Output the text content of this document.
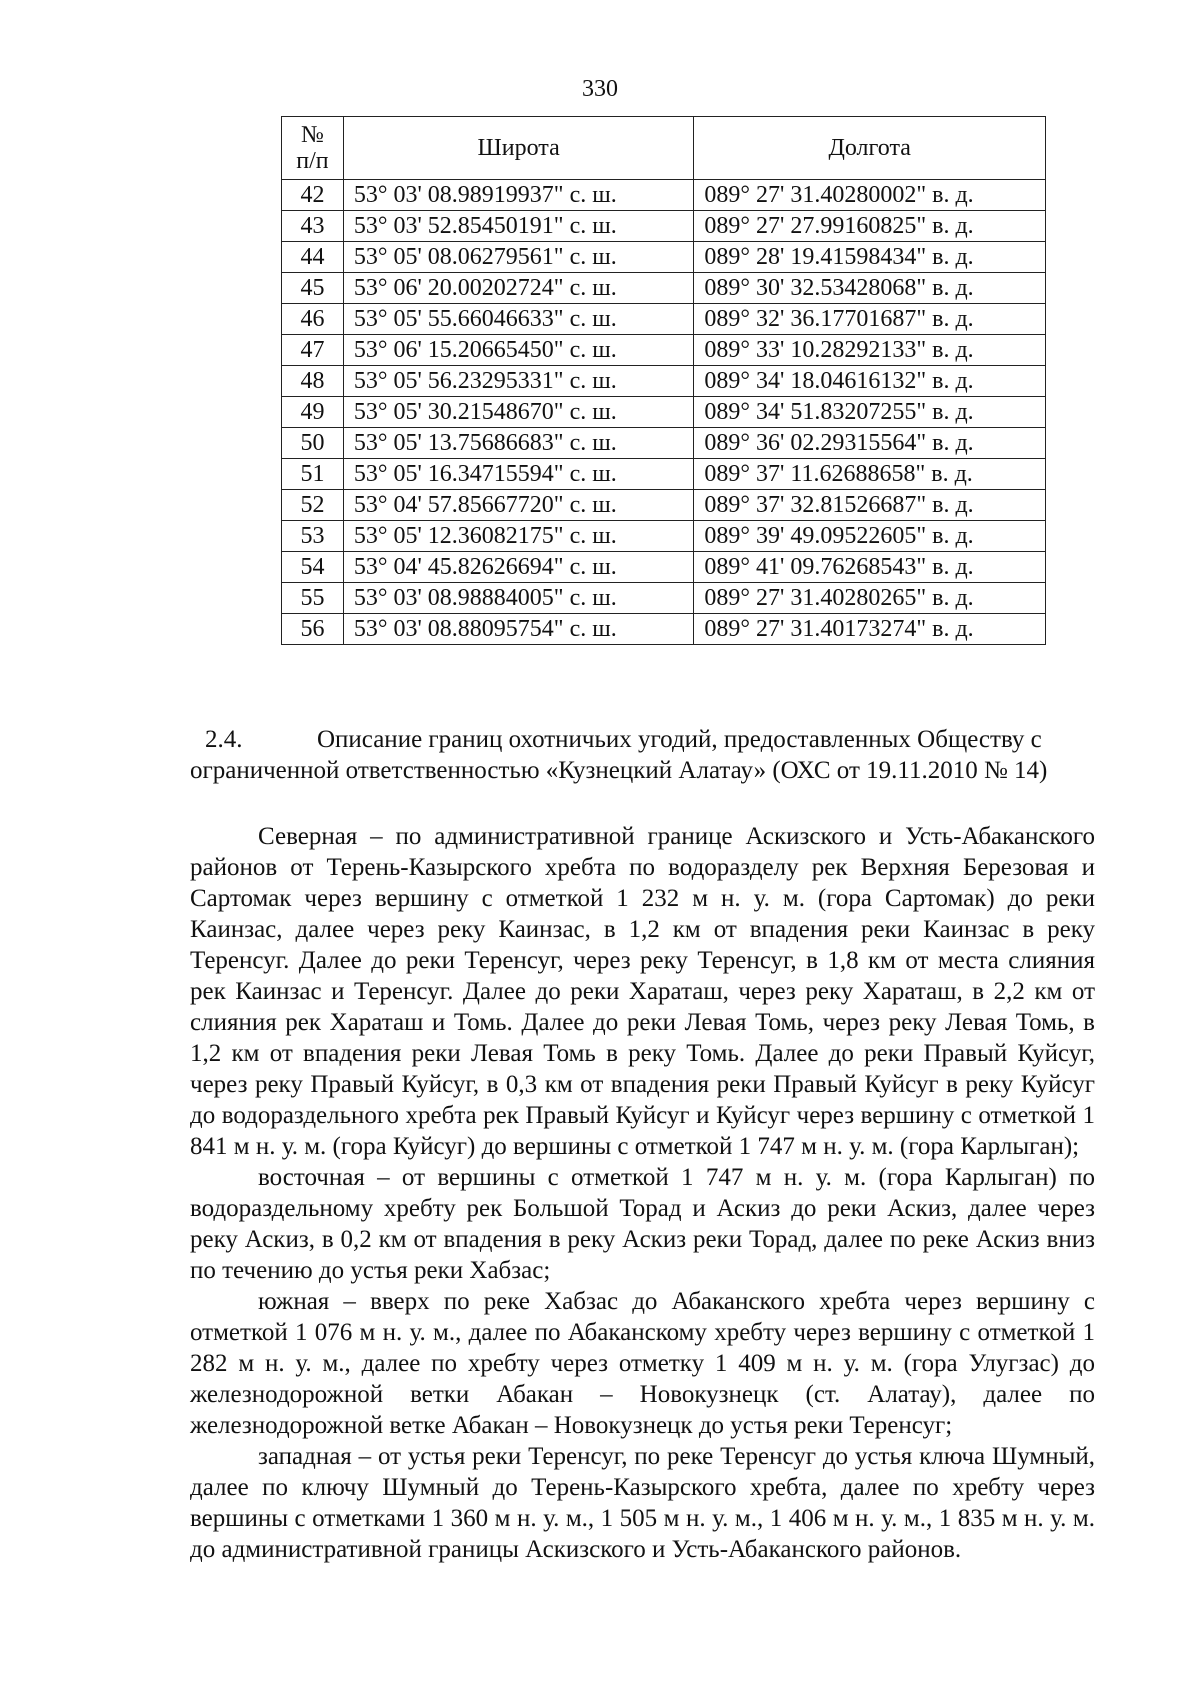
330
№
п/п	Широта	Долгота
42	53° 03' 08.98919937" с. ш.	089° 27' 31.40280002" в. д.
43	53° 03' 52.85450191" с. ш.	089° 27' 27.99160825" в. д.
44	53° 05' 08.06279561" с. ш.	089° 28' 19.41598434" в. д.
45	53° 06' 20.00202724" с. ш.	089° 30' 32.53428068" в. д.
46	53° 05' 55.66046633" с. ш.	089° 32' 36.17701687" в. д.
47	53° 06' 15.20665450" с. ш.	089° 33' 10.28292133" в. д.
48	53° 05' 56.23295331" с. ш.	089° 34' 18.04616132" в. д.
49	53° 05' 30.21548670" с. ш.	089° 34' 51.83207255" в. д.
50	53° 05' 13.75686683" с. ш.	089° 36' 02.29315564" в. д.
51	53° 05' 16.34715594" с. ш.	089° 37' 11.62688658" в. д.
52	53° 04' 57.85667720" с. ш.	089° 37' 32.81526687" в. д.
53	53° 05' 12.36082175" с. ш.	089° 39' 49.09522605" в. д.
54	53° 04' 45.82626694" с. ш.	089° 41' 09.76268543" в. д.
55	53° 03' 08.98884005" с. ш.	089° 27' 31.40280265" в. д.
56	53° 03' 08.88095754" с. ш.	089° 27' 31.40173274" в. д.

2.4.	Описание границ охотничьих угодий, предоставленных Обществу с
ограниченной ответственностью «Кузнецкий Алатау» (ОХС от 19.11.2010 № 14)

Северная – по административной границе Аскизского и Усть-Абаканского районов от Терень-Казырского хребта по водоразделу рек Верхняя Березовая и Сартомак через вершину с отметкой 1 232 м н. у. м. (гора Сартомак) до реки Каинзас, далее через реку Каинзас, в 1,2 км от впадения реки Каинзас в реку Теренсуг. Далее до реки Теренсуг, через реку Теренсуг, в 1,8 км от места слияния рек Каинзас и Теренсуг. Далее до реки Хараташ, через реку Хараташ, в 2,2 км от слияния рек Хараташ и Томь. Далее до реки Левая Томь, через реку Левая Томь, в 1,2 км от впадения реки Левая Томь в реку Томь. Далее до реки Правый Куйсуг, через реку Правый Куйсуг, в 0,3 км от впадения реки Правый Куйсуг в реку Куйсуг до водораздельного хребта рек Правый Куйсуг и Куйсуг через вершину с отметкой 1 841 м н. у. м. (гора Куйсуг) до вершины с отметкой 1 747 м н. у. м. (гора Карлыган);

восточная – от вершины с отметкой 1 747 м н. у. м. (гора Карлыган) по водораздельному хребту рек Большой Торад и Аскиз до реки Аскиз, далее через реку Аскиз, в 0,2 км от впадения в реку Аскиз реки Торад, далее по реке Аскиз вниз по течению до устья реки Хабзас;

южная – вверх по реке Хабзас до Абаканского хребта через вершину с отметкой 1 076 м н. у. м., далее по Абаканскому хребту через вершину с отметкой 1 282 м н. у. м., далее по хребту через отметку 1 409 м н. у. м. (гора Улугзас) до железнодорожной ветки Абакан – Новокузнецк (ст. Алатау), далее по железнодорожной ветке Абакан – Новокузнецк до устья реки Теренсуг;

западная – от устья реки Теренсуг, по реке Теренсуг до устья ключа Шумный, далее по ключу Шумный до Терень-Казырского хребта, далее по хребту через вершины с отметками 1 360 м н. у. м., 1 505 м н. у. м., 1 406 м н. у. м., 1 835 м н. у. м. до административной границы Аскизского и Усть-Абаканского районов.
